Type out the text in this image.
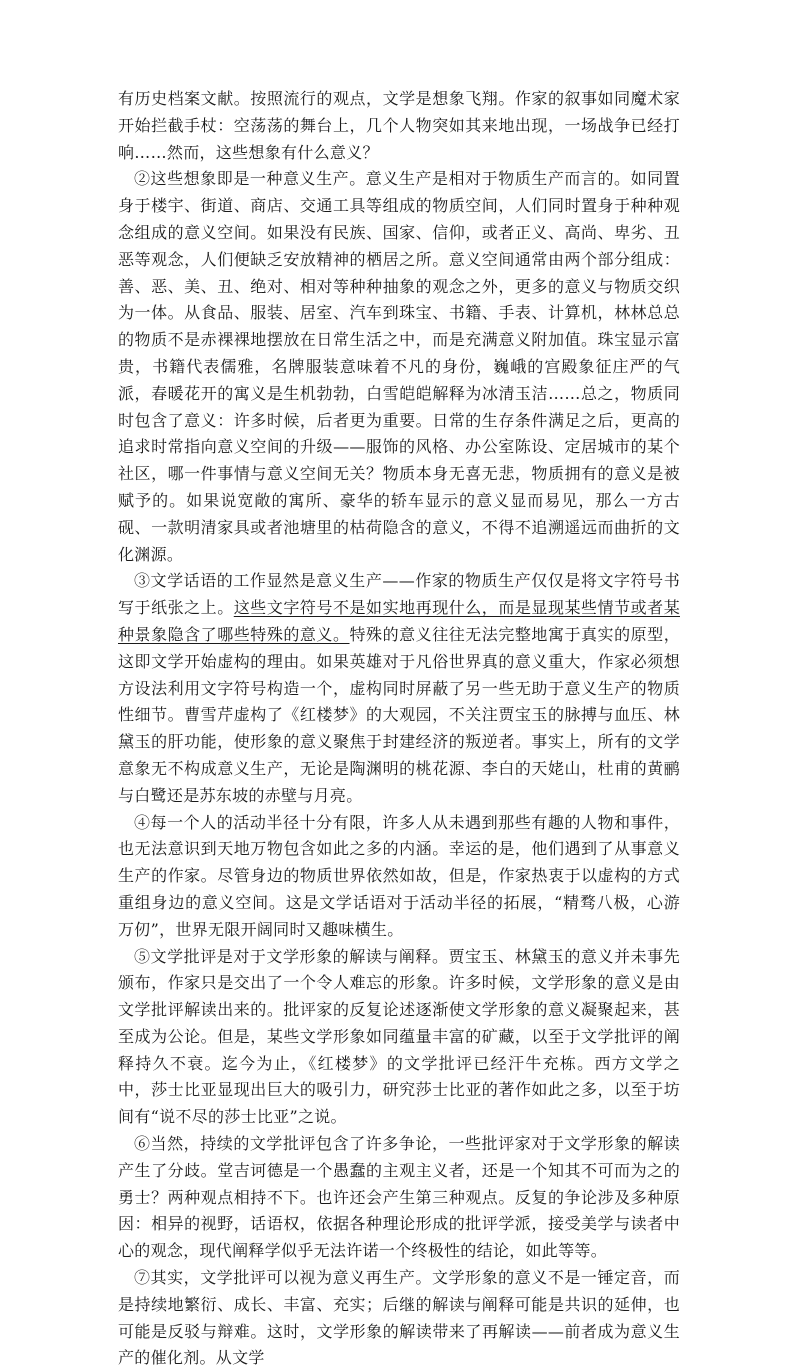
有历史档案文献。按照流行的观点，文学是想象飞翔。作家的叙事如同魔术家开始拦截手杖：空荡荡的舞台上，几个人物突如其来地出现，一场战争已经打响……然而，这些想象有什么意义？

②这些想象即是一种意义生产。意义生产是相对于物质生产而言的。如同置身于楼宇、街道、商店、交通工具等组成的物质空间，人们同时置身于种种观念组成的意义空间。如果没有民族、国家、信仰，或者正义、高尚、卑劣、丑恶等观念，人们便缺乏安放精神的栖居之所。意义空间通常由两个部分组成：善、恶、美、丑、绝对、相对等种种抽象的观念之外，更多的意义与物质交织为一体。从食品、服装、居室、汽车到珠宝、书籍、手表、计算机，林林总总的物质不是赤裸裸地摆放在日常生活之中，而是充满意义附加值。珠宝显示富贵，书籍代表儒雅，名牌服装意味着不凡的身份，巍峨的宫殿象征庄严的气派，春暖花开的寓义是生机勃勃，白雪皑皑解释为冰清玉洁……总之，物质同时包含了意义：许多时候，后者更为重要。日常的生存条件满足之后，更高的追求时常指向意义空间的升级——服饰的风格、办公室陈设、定居城市的某个社区，哪一件事情与意义空间无关？物质本身无喜无悲，物质拥有的意义是被赋予的。如果说宽敞的寓所、豪华的轿车显示的意义显而易见，那么一方古砚、一款明清家具或者池塘里的枯荷隐含的意义，不得不追溯遥远而曲折的文化渊源。

③文学话语的工作显然是意义生产——作家的物质生产仅仅是将文字符号书写于纸张之上。这些文字符号不是如实地再现什么，而是显现某些情节或者某种景象隐含了哪些特殊的意义。特殊的意义往往无法完整地寓于真实的原型，这即文学开始虚构的理由。如果英雄对于凡俗世界真的意义重大，作家必须想方设法利用文字符号构造一个，虚构同时屏蔽了另一些无助于意义生产的物质性细节。曹雪芹虚构了《红楼梦》的大观园，不关注贾宝玉的脉搏与血压、林黛玉的肝功能，使形象的意义聚焦于封建经济的叛逆者。事实上，所有的文学意象无不构成意义生产，无论是陶渊明的桃花源、李白的天姥山，杜甫的黄鹂与白鹭还是苏东坡的赤壁与月亮。

④每一个人的活动半径十分有限，许多人从未遇到那些有趣的人物和事件，也无法意识到天地万物包含如此之多的内涵。幸运的是，他们遇到了从事意义生产的作家。尽管身边的物质世界依然如故，但是，作家热衷于以虚构的方式重组身边的意义空间。这是文学话语对于活动半径的拓展，“精骛八极，心游万仞”，世界无限开阔同时又趣味横生。

⑤文学批评是对于文学形象的解读与阐释。贾宝玉、林黛玉的意义并未事先颁布，作家只是交出了一个令人难忘的形象。许多时候，文学形象的意义是由文学批评解读出来的。批评家的反复论述逐渐使文学形象的意义凝聚起来，甚至成为公论。但是，某些文学形象如同蕴量丰富的矿藏，以至于文学批评的阐释持久不衰。迄今为止，《红楼梦》的文学批评已经汗牛充栋。西方文学之中，莎士比亚显现出巨大的吸引力，研究莎士比亚的著作如此之多，以至于坊间有“说不尽的莎士比亚”之说。

⑥当然，持续的文学批评包含了许多争论，一些批评家对于文学形象的解读产生了分歧。堂吉诃德是一个愚蠢的主观主义者，还是一个知其不可而为之的勇士？两种观点相持不下。也许还会产生第三种观点。反复的争论涉及多种原因：相异的视野，话语权，依据各种理论形成的批评学派，接受美学与读者中心的观念，现代阐释学似乎无法许诺一个终极性的结论，如此等等。

⑦其实，文学批评可以视为意义再生产。文学形象的意义不是一锤定音，而是持续地繁衍、成长、丰富、充实；后继的解读与阐释可能是共识的延伸，也可能是反驳与辩难。这时，文学形象的解读带来了再解读——前者成为意义生产的催化剂。从文学
